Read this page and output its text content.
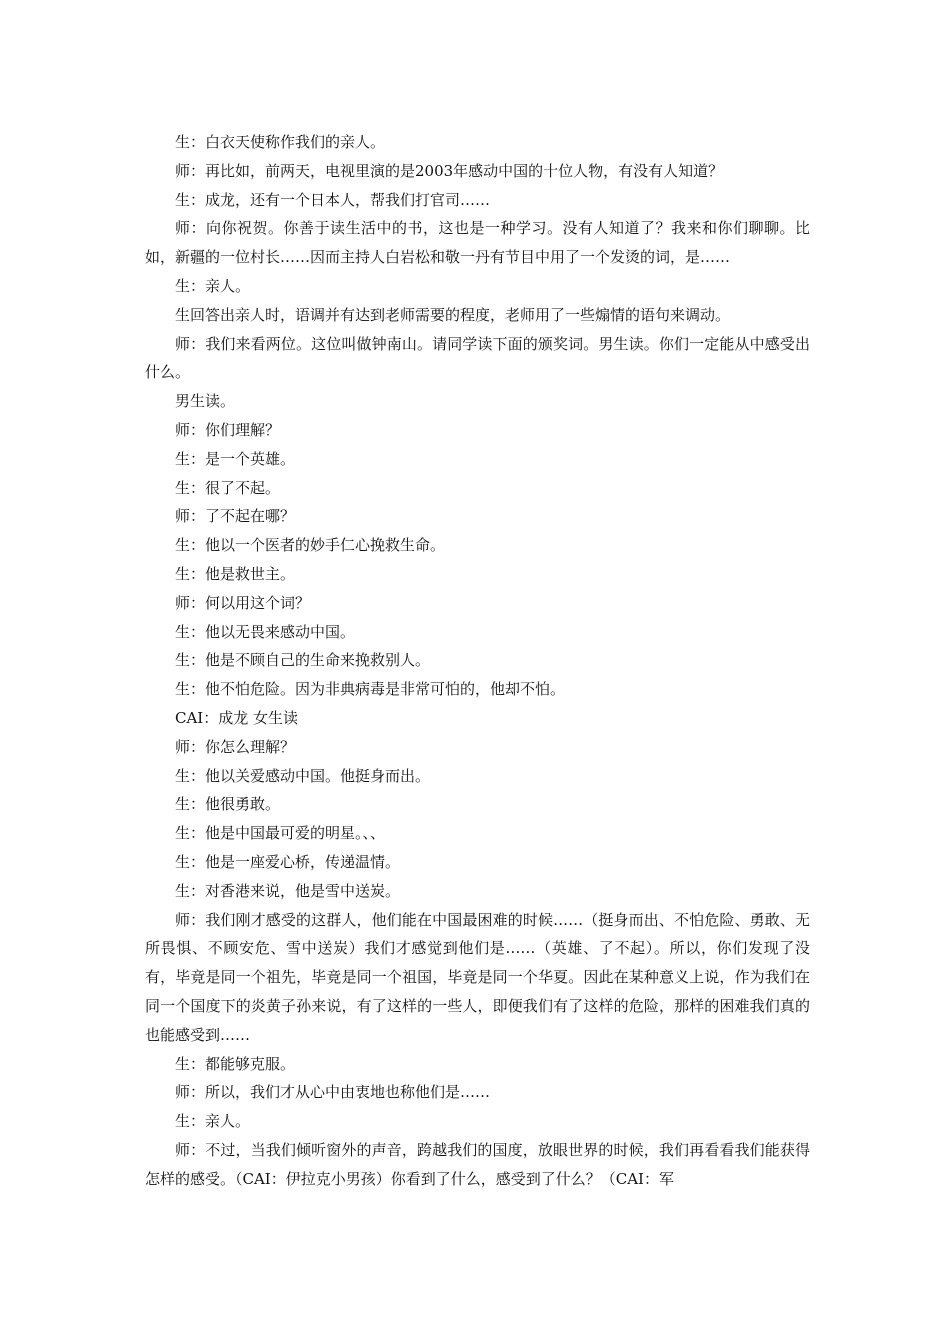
生：白衣天使称作我们的亲人。

师：再比如，前两天，电视里演的是2003年感动中国的十位人物，有没有人知道？

生：成龙，还有一个日本人，帮我们打官司……

师：向你祝贺。你善于读生活中的书，这也是一种学习。没有人知道了？我来和你们聊聊。比如，新疆的一位村长……因而主持人白岩松和敬一丹有节目中用了一个发烫的词，是……

生：亲人。

生回答出亲人时，语调并有达到老师需要的程度，老师用了一些煽情的语句来调动。

师：我们来看两位。这位叫做钟南山。请同学读下面的颁奖词。男生读。你们一定能从中感受出什么。

男生读。

师：你们理解？

生：是一个英雄。

生：很了不起。

师：了不起在哪？

生：他以一个医者的妙手仁心挽救生命。

生：他是救世主。

师：何以用这个词？

生：他以无畏来感动中国。

生：他是不顾自己的生命来挽救别人。

生：他不怕危险。因为非典病毒是非常可怕的，他却不怕。

CAI：成龙 女生读

师：你怎么理解？

生：他以关爱感动中国。他挺身而出。

生：他很勇敢。

生：他是中国最可爱的明星。、、

生：他是一座爱心桥，传递温情。

生：对香港来说，他是雪中送炭。

师：我们刚才感受的这群人，他们能在中国最困难的时候……（挺身而出、不怕危险、勇敢、无所畏惧、不顾安危、雪中送炭）我们才感觉到他们是……（英雄、了不起）。所以，你们发现了没有，毕竟是同一个祖先，毕竟是同一个祖国，毕竟是同一个华夏。因此在某种意义上说，作为我们在同一个国度下的炎黄子孙来说，有了这样的一些人，即便我们有了这样的危险，那样的困难我们真的也能感受到……

生：都能够克服。

师：所以，我们才从心中由衷地也称他们是……

生：亲人。

师：不过，当我们倾听窗外的声音，跨越我们的国度，放眼世界的时候，我们再看看我们能获得怎样的感受。（CAI：伊拉克小男孩）你看到了什么，感受到了什么？（CAI：军
